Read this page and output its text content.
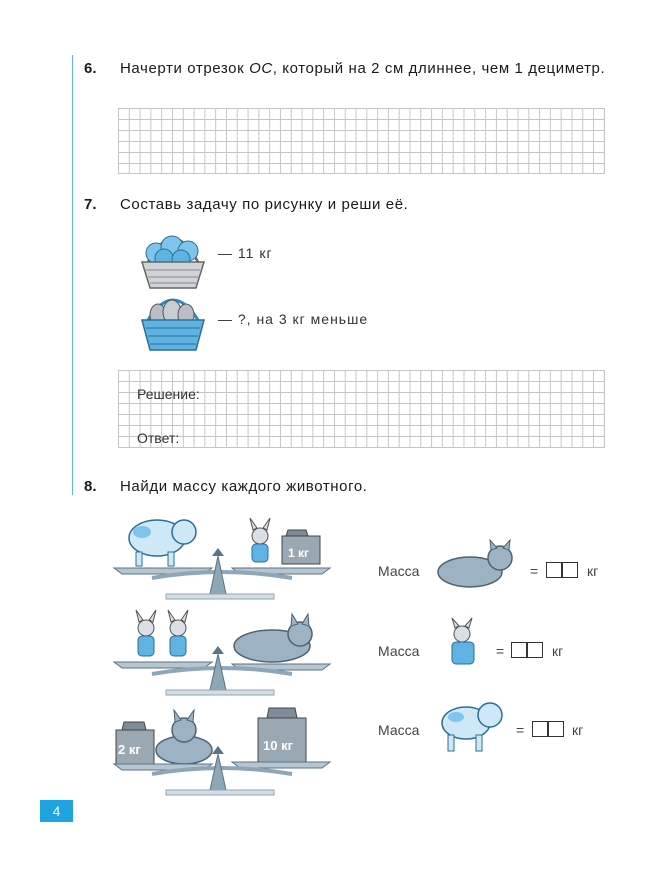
6. Начерти отрезок OC, который на 2 см длиннее, чем 1 дециметр.
7. Составь задачу по рисунку и реши её.
— 11 кг
— ?, на 3 кг меньше
Решение:
Ответ:
8. Найди массу каждого животного.
1 кг
2 кг	10 кг
Масса	=	кг
Масса	=	кг
Масса	=	кг
4
